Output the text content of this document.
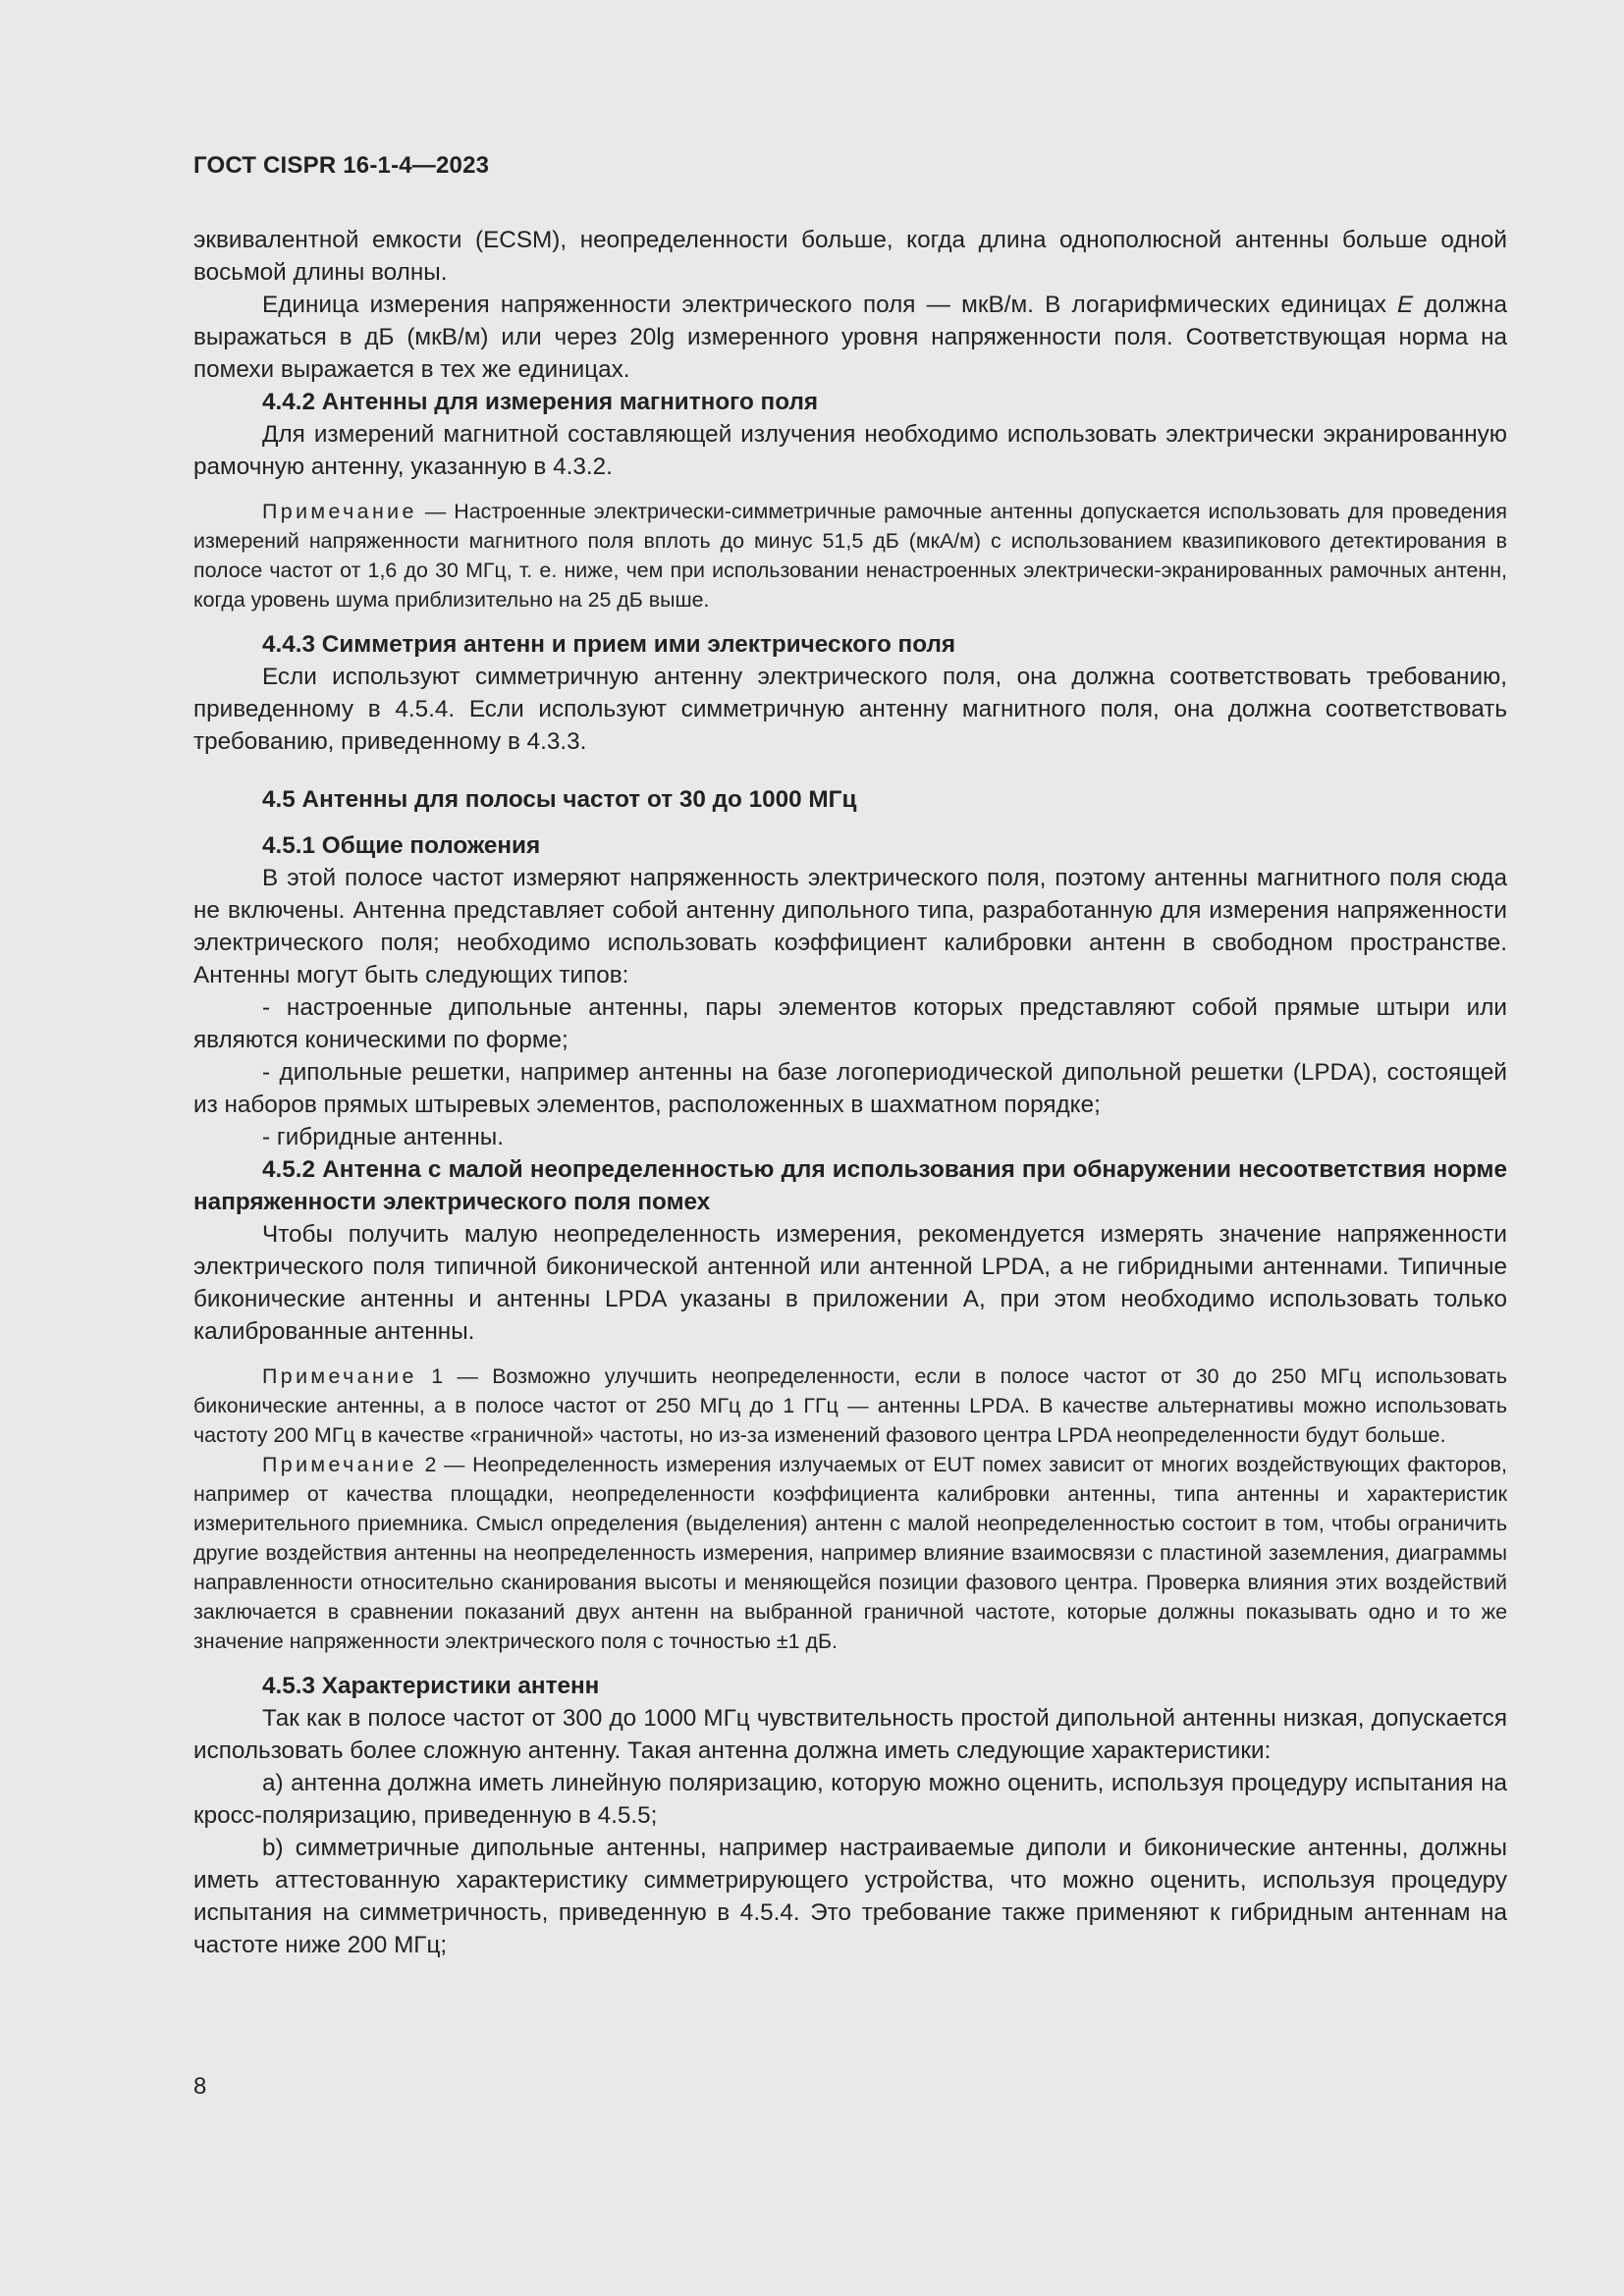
ГОСТ CISPR 16-1-4—2023

эквивалентной емкости (ECSM), неопределенности больше, когда длина однополюсной антенны больше одной восьмой длины волны.

Единица измерения напряженности электрического поля — мкВ/м. В логарифмических единицах E должна выражаться в дБ (мкВ/м) или через 20lg измеренного уровня напряженности поля. Соответствующая норма на помехи выражается в тех же единицах.

4.4.2 Антенны для измерения магнитного поля

Для измерений магнитной составляющей излучения необходимо использовать электрически экранированную рамочную антенну, указанную в 4.3.2.

Примечание — Настроенные электрически-симметричные рамочные антенны допускается использовать для проведения измерений напряженности магнитного поля вплоть до минус 51,5 дБ (мкА/м) с использованием квазипикового детектирования в полосе частот от 1,6 до 30 МГц, т. е. ниже, чем при использовании ненастроенных электрически-экранированных рамочных антенн, когда уровень шума приблизительно на 25 дБ выше.

4.4.3 Симметрия антенн и прием ими электрического поля

Если используют симметричную антенну электрического поля, она должна соответствовать требованию, приведенному в 4.5.4. Если используют симметричную антенну магнитного поля, она должна соответствовать требованию, приведенному в 4.3.3.

4.5 Антенны для полосы частот от 30 до 1000 МГц

4.5.1 Общие положения

В этой полосе частот измеряют напряженность электрического поля, поэтому антенны магнитного поля сюда не включены. Антенна представляет собой антенну дипольного типа, разработанную для измерения напряженности электрического поля; необходимо использовать коэффициент калибровки антенн в свободном пространстве. Антенны могут быть следующих типов:

- настроенные дипольные антенны, пары элементов которых представляют собой прямые штыри или являются коническими по форме;

- дипольные решетки, например антенны на базе логопериодической дипольной решетки (LPDA), состоящей из наборов прямых штыревых элементов, расположенных в шахматном порядке;

- гибридные антенны.

4.5.2 Антенна с малой неопределенностью для использования при обнаружении несоответствия норме напряженности электрического поля помех

Чтобы получить малую неопределенность измерения, рекомендуется измерять значение напряженности электрического поля типичной биконической антенной или антенной LPDA, а не гибридными антеннами. Типичные биконические антенны и антенны LPDA указаны в приложении А, при этом необходимо использовать только калиброванные антенны.

Примечание 1 — Возможно улучшить неопределенности, если в полосе частот от 30 до 250 МГц использовать биконические антенны, а в полосе частот от 250 МГц до 1 ГГц — антенны LPDA. В качестве альтернативы можно использовать частоту 200 МГц в качестве «граничной» частоты, но из-за изменений фазового центра LPDA неопределенности будут больше.

Примечание 2 — Неопределенность измерения излучаемых от EUT помех зависит от многих воздействующих факторов, например от качества площадки, неопределенности коэффициента калибровки антенны, типа антенны и характеристик измерительного приемника. Смысл определения (выделения) антенн с малой неопределенностью состоит в том, чтобы ограничить другие воздействия антенны на неопределенность измерения, например влияние взаимосвязи с пластиной заземления, диаграммы направленности относительно сканирования высоты и меняющейся позиции фазового центра. Проверка влияния этих воздействий заключается в сравнении показаний двух антенн на выбранной граничной частоте, которые должны показывать одно и то же значение напряженности электрического поля с точностью ±1 дБ.

4.5.3 Характеристики антенн

Так как в полосе частот от 300 до 1000 МГц чувствительность простой дипольной антенны низкая, допускается использовать более сложную антенну. Такая антенна должна иметь следующие характеристики:

a) антенна должна иметь линейную поляризацию, которую можно оценить, используя процедуру испытания на кросс-поляризацию, приведенную в 4.5.5;

b) симметричные дипольные антенны, например настраиваемые диполи и биконические антенны, должны иметь аттестованную характеристику симметрирующего устройства, что можно оценить, используя процедуру испытания на симметричность, приведенную в 4.5.4. Это требование также применяют к гибридным антеннам на частоте ниже 200 МГц;

8
